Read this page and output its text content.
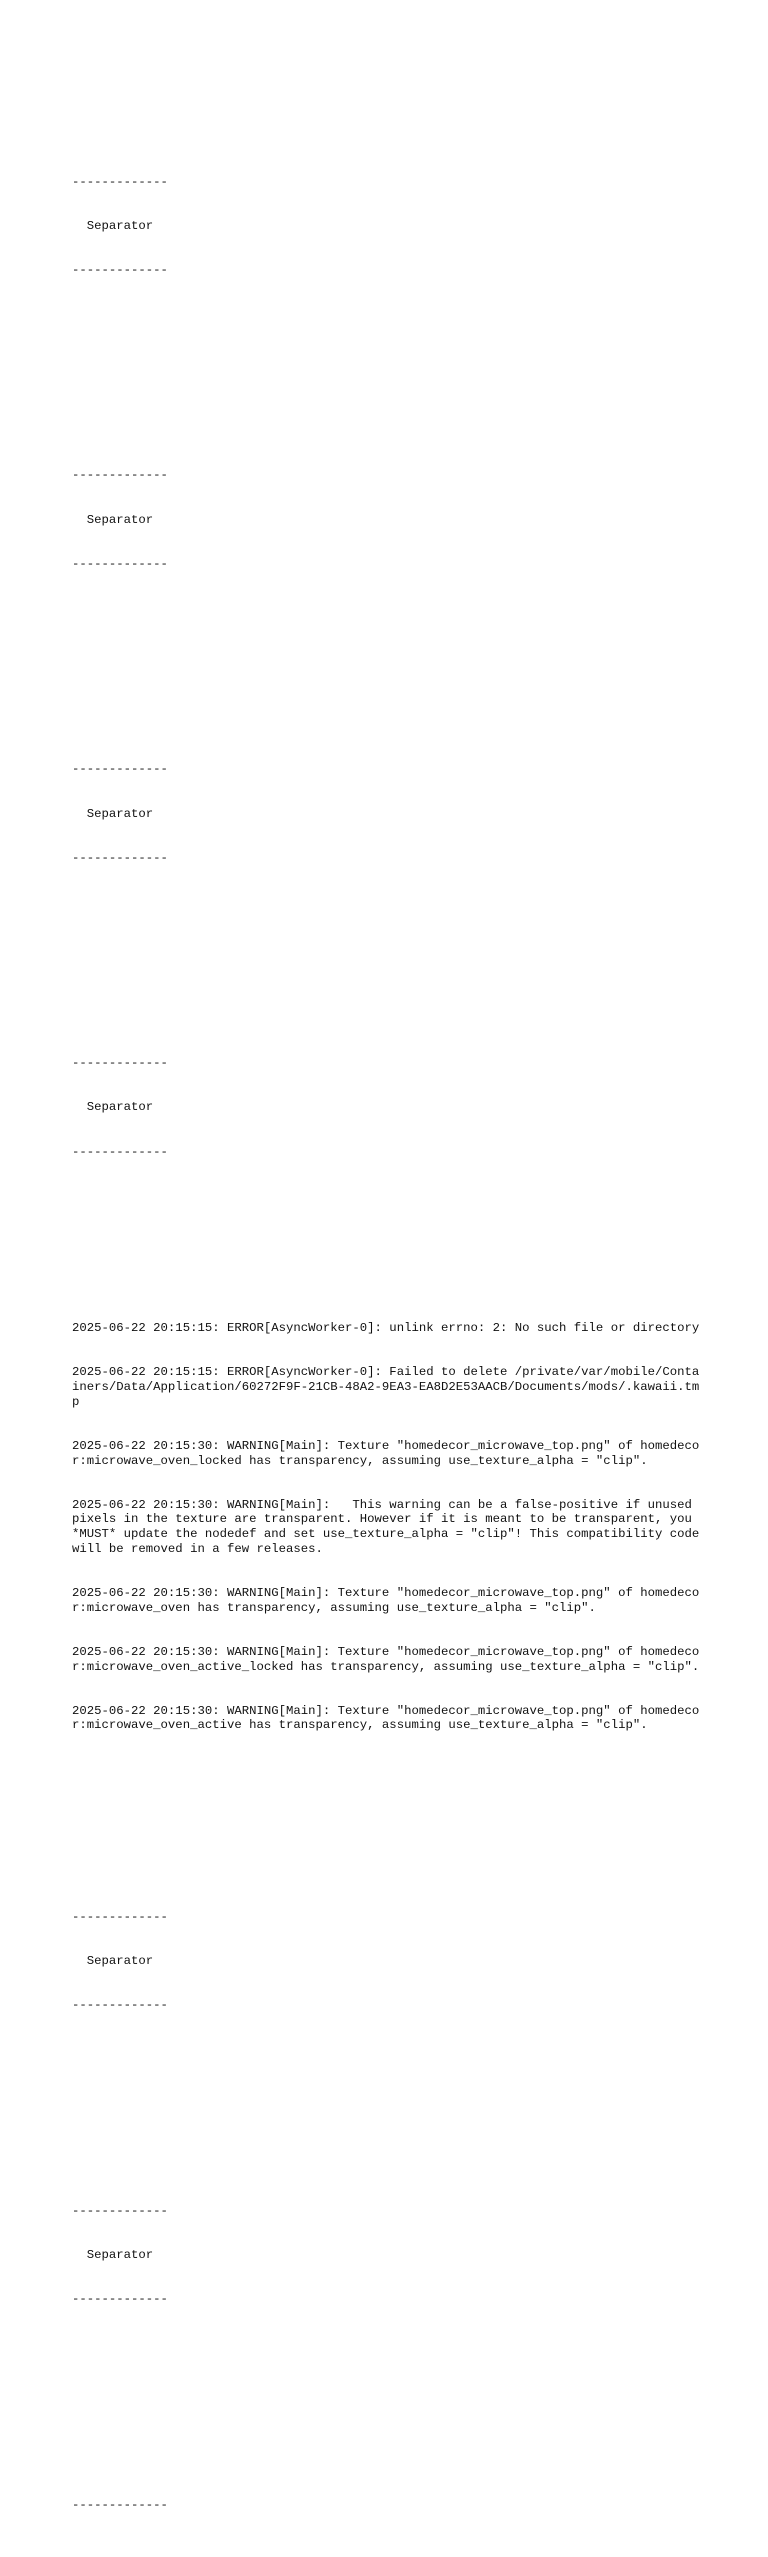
-------------

Separator

-------------

-------------

Separator

-------------

-------------

Separator

-------------

-------------

Separator

-------------

2025-06-22 20:15:15: ERROR[AsyncWorker-0]: unlink errno: 2: No such file or directory

2025-06-22 20:15:15: ERROR[AsyncWorker-0]: Failed to delete /private/var/mobile/Containers/Data/Application/60272F9F-21CB-48A2-9EA3-EA8D2E53AACB/Documents/mods/.kawaii.tmp

2025-06-22 20:15:30: WARNING[Main]: Texture "homedecor_microwave_top.png" of homedecor:microwave_oven_locked has transparency, assuming use_texture_alpha = "clip".

2025-06-22 20:15:30: WARNING[Main]:   This warning can be a false-positive if unused pixels in the texture are transparent. However if it is meant to be transparent, you *MUST* update the nodedef and set use_texture_alpha = "clip"! This compatibility code will be removed in a few releases.

2025-06-22 20:15:30: WARNING[Main]: Texture "homedecor_microwave_top.png" of homedecor:microwave_oven has transparency, assuming use_texture_alpha = "clip".

2025-06-22 20:15:30: WARNING[Main]: Texture "homedecor_microwave_top.png" of homedecor:microwave_oven_active_locked has transparency, assuming use_texture_alpha = "clip".

2025-06-22 20:15:30: WARNING[Main]: Texture "homedecor_microwave_top.png" of homedecor:microwave_oven_active has transparency, assuming use_texture_alpha = "clip".

-------------

Separator

-------------

-------------

Separator

-------------

-------------
